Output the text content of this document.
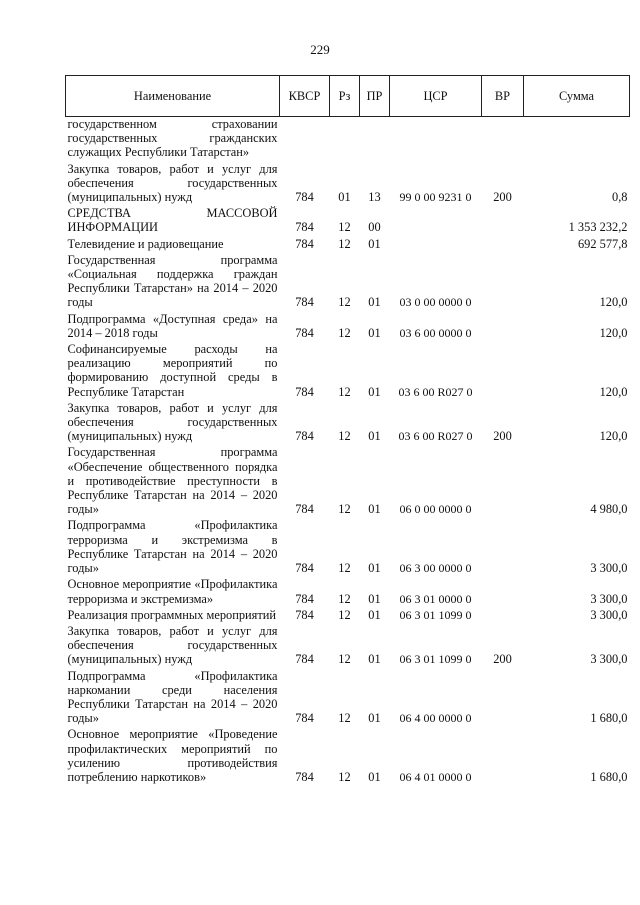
229
Наименование	КВСР	Рз	ПР	ЦСР	ВР	Сумма
государственном страховании государственных гражданских служащих Республики Татарстан»						
Закупка товаров, работ и услуг для обеспечения государственных (муниципальных) нужд	784	01	13	99 0 00 9231 0	200	0,8
СРЕДСТВА МАССОВОЙ ИНФОРМАЦИИ	784	12	00			1 353 232,2
Телевидение и радиовещание	784	12	01			692 577,8
Государственная программа «Социальная поддержка граждан Республики Татарстан» на 2014 – 2020 годы	784	12	01	03 0 00 0000 0		120,0
Подпрограмма «Доступная среда» на 2014 – 2018 годы	784	12	01	03 6 00 0000 0		120,0
Софинансируемые расходы на реализацию мероприятий по формированию доступной среды в Республике Татарстан	784	12	01	03 6 00 R027 0		120,0
Закупка товаров, работ и услуг для обеспечения государственных (муниципальных) нужд	784	12	01	03 6 00 R027 0	200	120,0
Государственная программа «Обеспечение общественного порядка и противодействие преступности в Республике Татарстан на 2014 – 2020 годы»	784	12	01	06 0 00 0000 0		4 980,0
Подпрограмма «Профилактика терроризма и экстремизма в Республике Татарстан на 2014 – 2020 годы»	784	12	01	06 3 00 0000 0		3 300,0
Основное мероприятие «Профилактика терроризма и экстремизма»	784	12	01	06 3 01 0000 0		3 300,0
Реализация программных мероприятий	784	12	01	06 3 01 1099 0		3 300,0
Закупка товаров, работ и услуг для обеспечения государственных (муниципальных) нужд	784	12	01	06 3 01 1099 0	200	3 300,0
Подпрограмма «Профилактика наркомании среди населения Республики Татарстан на 2014 – 2020 годы»	784	12	01	06 4 00 0000 0		1 680,0
Основное мероприятие «Проведение профилактических мероприятий по усилению противодействия потреблению наркотиков»	784	12	01	06 4 01 0000 0		1 680,0
